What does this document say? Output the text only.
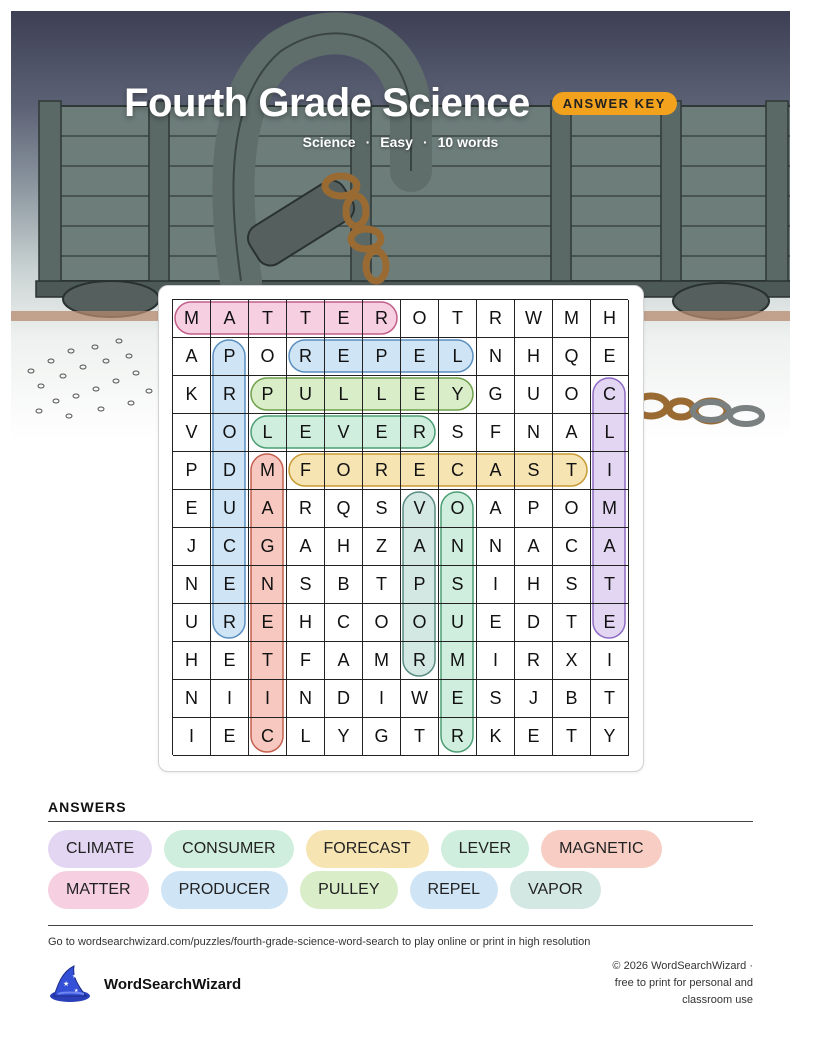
Fourth Grade Science	ANSWER KEY
Science · Easy · 10 words
M	A	T	T	E	R	O	T	R	W	M	H
A	P	O	R	E	P	E	L	N	H	Q	E
K	R	P	U	L	L	E	Y	G	U	O	C
V	O	L	E	V	E	R	S	F	N	A	L
P	D	M	F	O	R	E	C	A	S	T	I
E	U	A	R	Q	S	V	O	A	P	O	M
J	C	G	A	H	Z	A	N	N	A	C	A
N	E	N	S	B	T	P	S	I	H	S	T
U	R	E	H	C	O	O	U	E	D	T	E
H	E	T	F	A	M	R	M	I	R	X	I
N	I	I	N	D	I	W	E	S	J	B	T
I	E	C	L	Y	G	T	R	K	E	T	Y
ANSWERS
CLIMATE	CONSUMER	FORECAST	LEVER	MAGNETIC
MATTER	PRODUCER	PULLEY	REPEL	VAPOR
Go to wordsearchwizard.com/puzzles/fourth-grade-science-word-search to play online or print in high resolution
★
★
★ WordSearchWizard
© 2026 WordSearchWizard ·
free to print for personal and
classroom use
